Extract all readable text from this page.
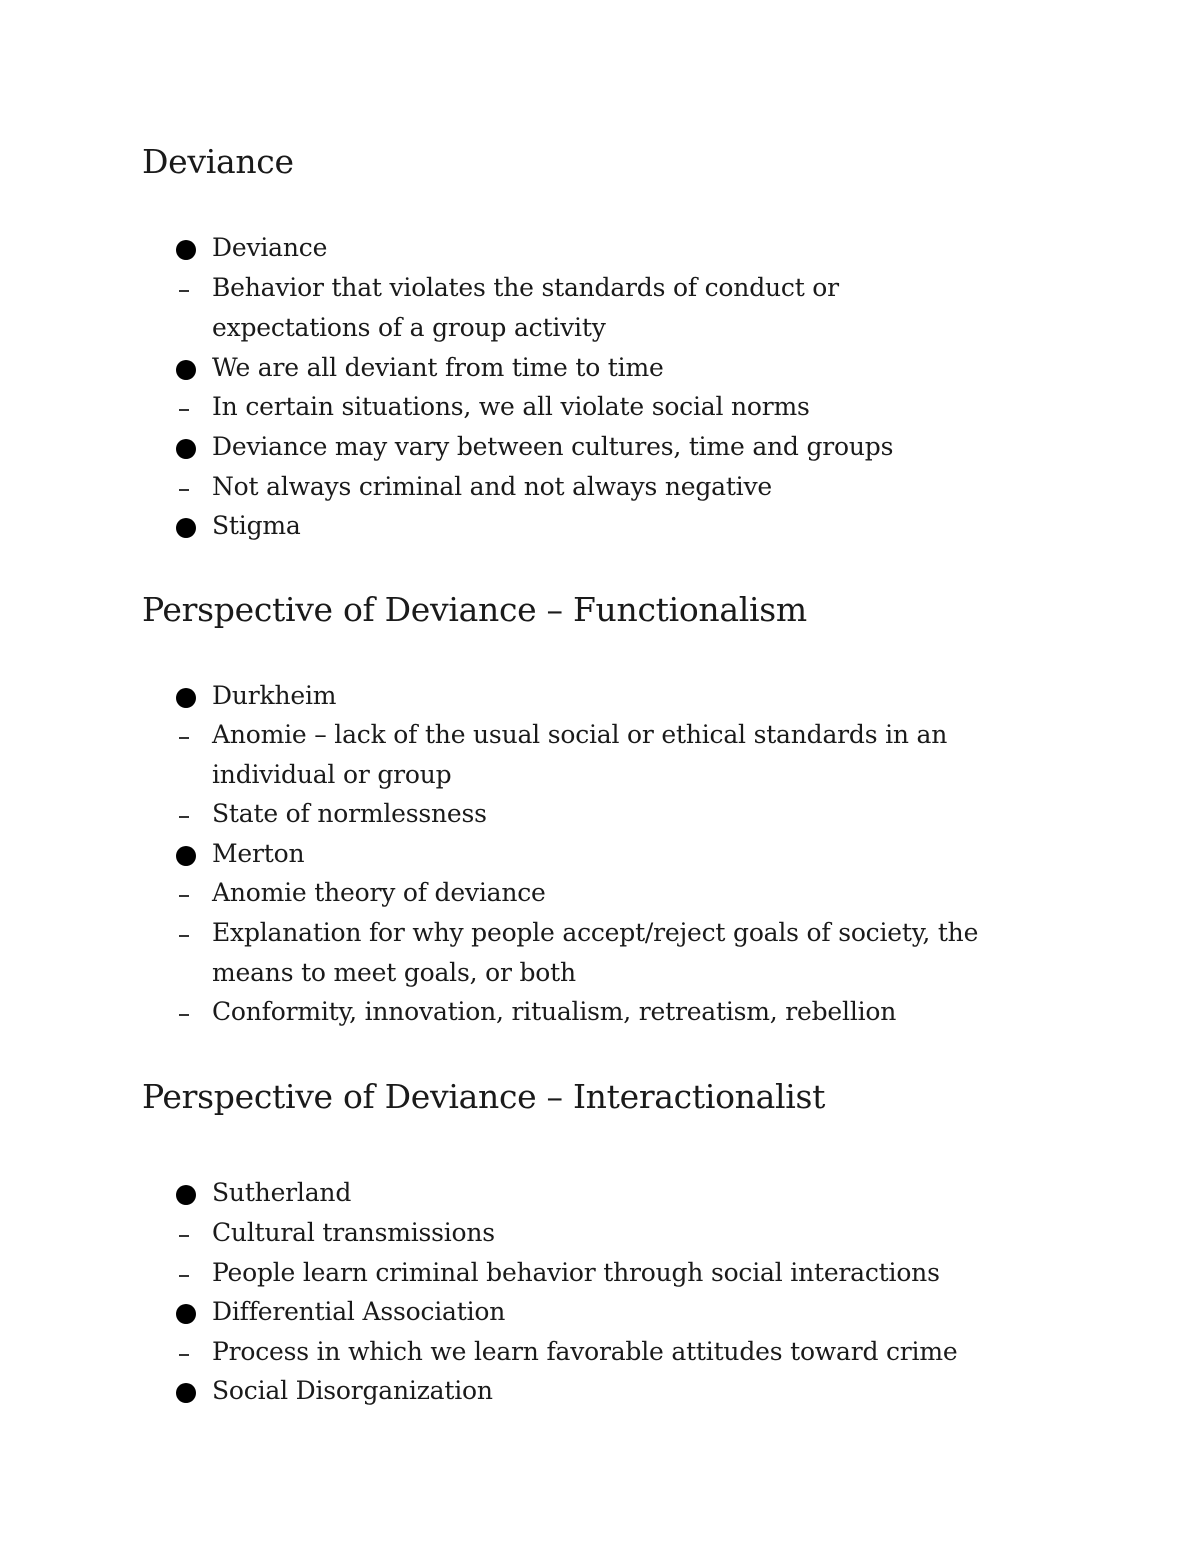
Deviance
Deviance
Behavior that violates the standards of conduct or expectations of a group activity
We are all deviant from time to time
In certain situations, we all violate social norms
Deviance may vary between cultures, time and groups
Not always criminal and not always negative
Stigma
Perspective of Deviance – Functionalism
Durkheim
Anomie – lack of the usual social or ethical standards in an individual or group
State of normlessness
Merton
Anomie theory of deviance
Explanation for why people accept/reject goals of society, the means to meet goals, or both
Conformity, innovation, ritualism, retreatism, rebellion
Perspective of Deviance – Interactionalist
Sutherland
Cultural transmissions
People learn criminal behavior through social interactions
Differential Association
Process in which we learn favorable attitudes toward crime
Social Disorganization
